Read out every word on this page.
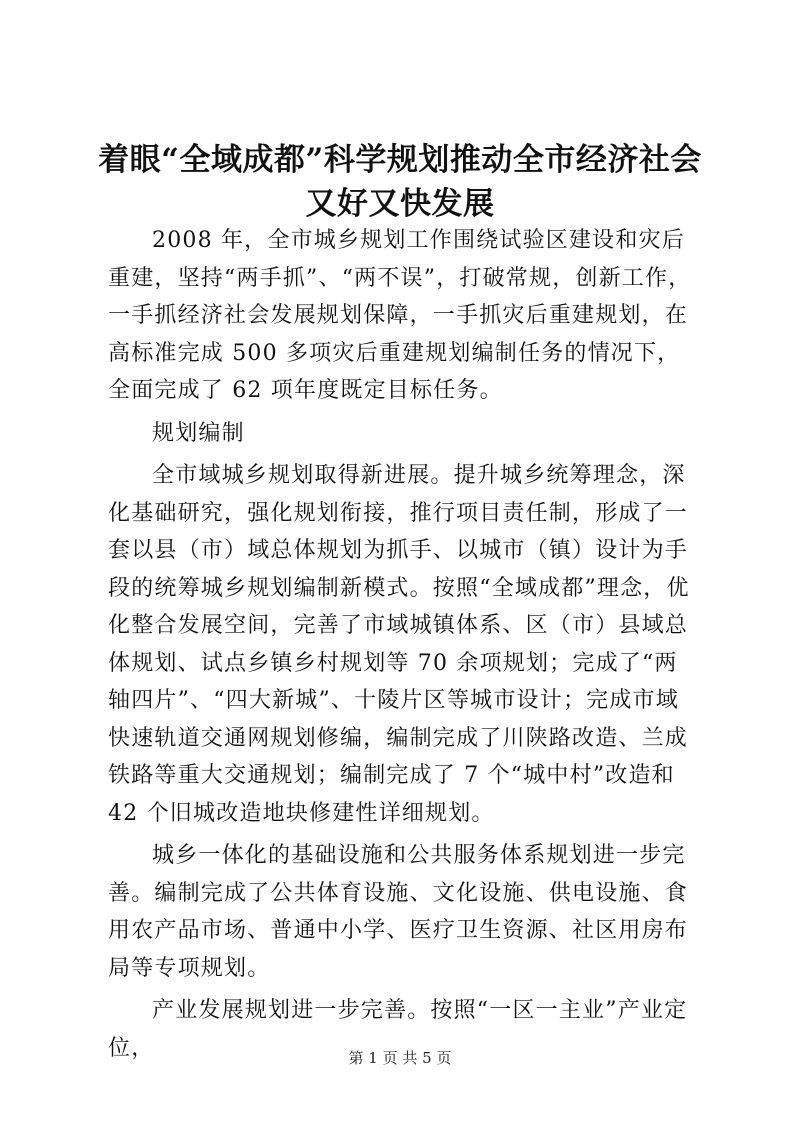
着眼“全域成都”科学规划推动全市经济社会又好又快发展

2008 年，全市城乡规划工作围绕试验区建设和灾后重建，坚持“两手抓”、“两不误”，打破常规，创新工作，一手抓经济社会发展规划保障，一手抓灾后重建规划，在高标准完成 500 多项灾后重建规划编制任务的情况下，全面完成了 62 项年度既定目标任务。

规划编制

全市域城乡规划取得新进展。提升城乡统筹理念，深化基础研究，强化规划衔接，推行项目责任制，形成了一套以县（市）域总体规划为抓手、以城市（镇）设计为手段的统筹城乡规划编制新模式。按照“全域成都”理念，优化整合发展空间，完善了市域城镇体系、区（市）县域总体规划、试点乡镇乡村规划等 70 余项规划；完成了“两轴四片”、“四大新城”、十陵片区等城市设计；完成市域快速轨道交通网规划修编，编制完成了川陕路改造、兰成铁路等重大交通规划；编制完成了 7 个“城中村”改造和 42 个旧城改造地块修建性详细规划。

城乡一体化的基础设施和公共服务体系规划进一步完善。编制完成了公共体育设施、文化设施、供电设施、食用农产品市场、普通中小学、医疗卫生资源、社区用房布局等专项规划。

产业发展规划进一步完善。按照“一区一主业”产业定位，	第 1 页 共 5 页
